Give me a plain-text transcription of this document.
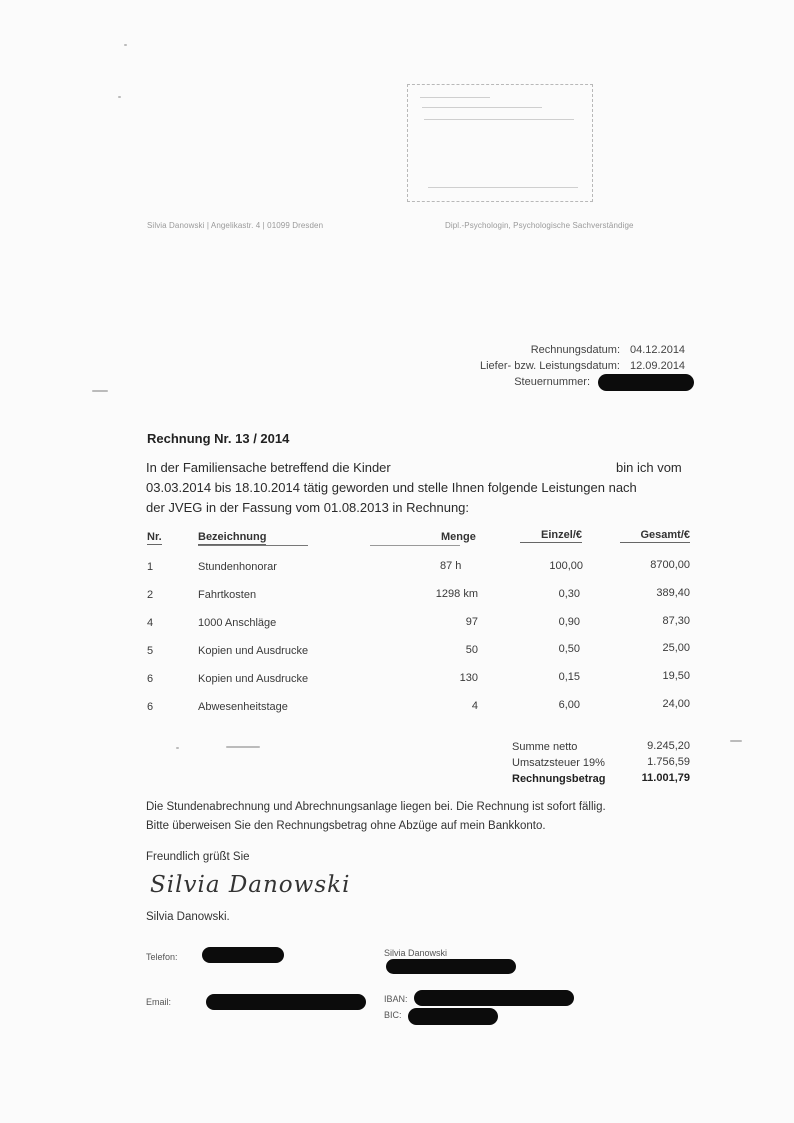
Silvia Danowski | Angelikastr. 4 | 01099 Dresden	Dipl.-Psychologin, Psychologische Sachverständige
Rechnungsdatum: 04.12.2014
Liefer- bzw. Leistungsdatum: 12.09.2014
Steuernummer:
Rechnung Nr. 13 / 2014
In der Familiensache betreffend die Kinder	bin ich vom
03.03.2014 bis 18.10.2014 tätig geworden und stelle Ihnen folgende Leistungen nach
der JVEG in der Fassung vom 01.08.2013 in Rechnung:
Nr.	Bezeichnung	Menge	Einzel/€	Gesamt/€
1	Stundenhonorar	87 h	100,00	8700,00
2	Fahrtkosten	1298 km	0,30	389,40
4	1000 Anschläge	97	0,90	87,30
5	Kopien und Ausdrucke	50	0,50	25,00
6	Kopien und Ausdrucke	130	0,15	19,50
6	Abwesenheitstage	4	6,00	24,00
Summe netto	9.245,20
Umsatzsteuer 19%	1.756,59
Rechnungsbetrag	11.001,79
Die Stundenabrechnung und Abrechnungsanlage liegen bei. Die Rechnung ist sofort fällig.
Bitte überweisen Sie den Rechnungsbetrag ohne Abzüge auf mein Bankkonto.
Freundlich grüßt Sie
Silvia Danowski
Silvia Danowski.
Telefon:	Silvia Danowski
Email:	IBAN:
BIC:
